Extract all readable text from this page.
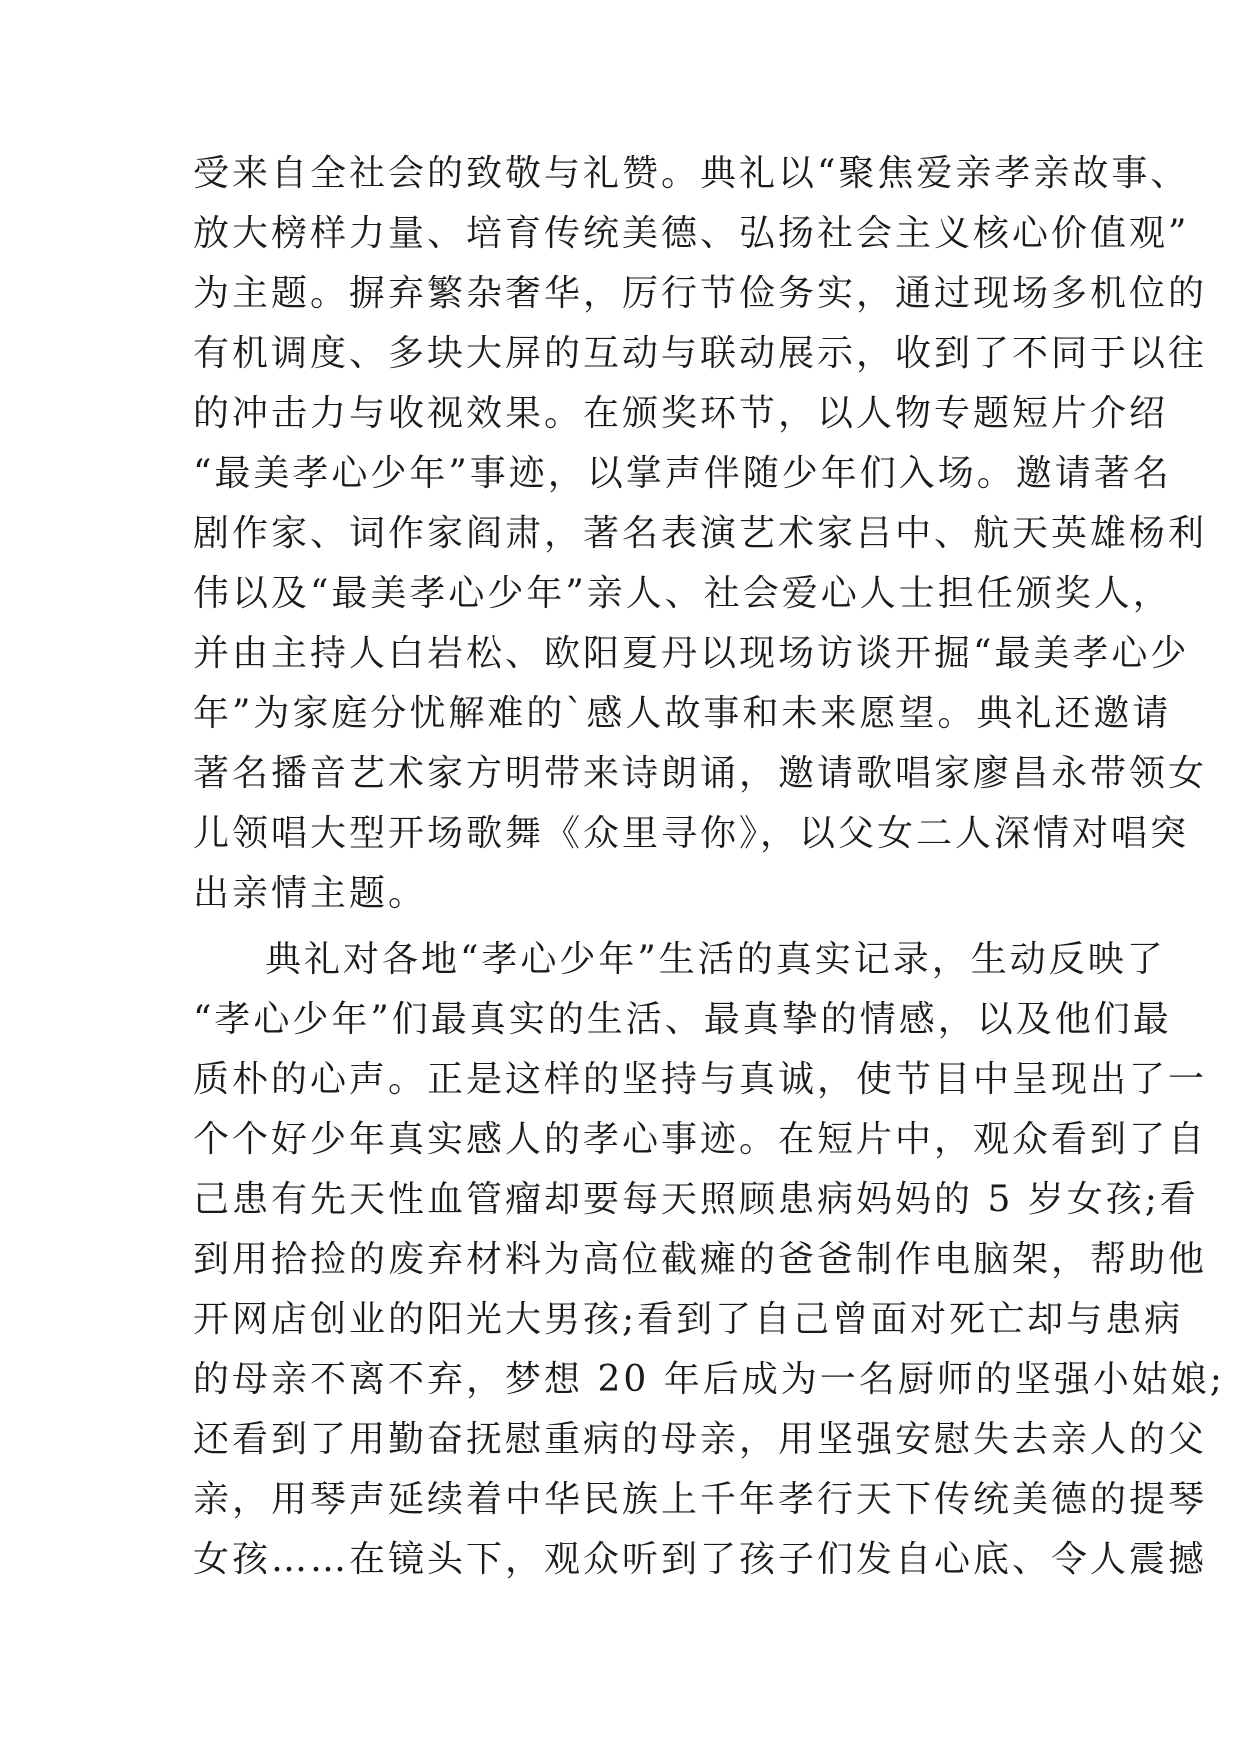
受来自全社会的致敬与礼赞。典礼以“聚焦爱亲孝亲故事、
放大榜样力量、培育传统美德、弘扬社会主义核心价值观”
为主题。摒弃繁杂奢华，厉行节俭务实，通过现场多机位的
有机调度、多块大屏的互动与联动展示，收到了不同于以往
的冲击力与收视效果。在颁奖环节，以人物专题短片介绍
“最美孝心少年”事迹，以掌声伴随少年们入场。邀请著名
剧作家、词作家阎肃，著名表演艺术家吕中、航天英雄杨利
伟以及“最美孝心少年”亲人、社会爱心人士担任颁奖人，
并由主持人白岩松、欧阳夏丹以现场访谈开掘“最美孝心少
年”为家庭分忧解难的`感人故事和未来愿望。典礼还邀请
著名播音艺术家方明带来诗朗诵，邀请歌唱家廖昌永带领女
儿领唱大型开场歌舞《众里寻你》，以父女二人深情对唱突
出亲情主题。
典礼对各地“孝心少年”生活的真实记录，生动反映了
“孝心少年”们最真实的生活、最真挚的情感，以及他们最
质朴的心声。正是这样的坚持与真诚，使节目中呈现出了一
个个好少年真实感人的孝心事迹。在短片中，观众看到了自
己患有先天性血管瘤却要每天照顾患病妈妈的 5 岁女孩;看
到用拾捡的废弃材料为高位截瘫的爸爸制作电脑架，帮助他
开网店创业的阳光大男孩;看到了自己曾面对死亡却与患病
的母亲不离不弃，梦想 20 年后成为一名厨师的坚强小姑娘;
还看到了用勤奋抚慰重病的母亲，用坚强安慰失去亲人的父
亲，用琴声延续着中华民族上千年孝行天下传统美德的提琴
女孩……在镜头下，观众听到了孩子们发自心底、令人震撼
